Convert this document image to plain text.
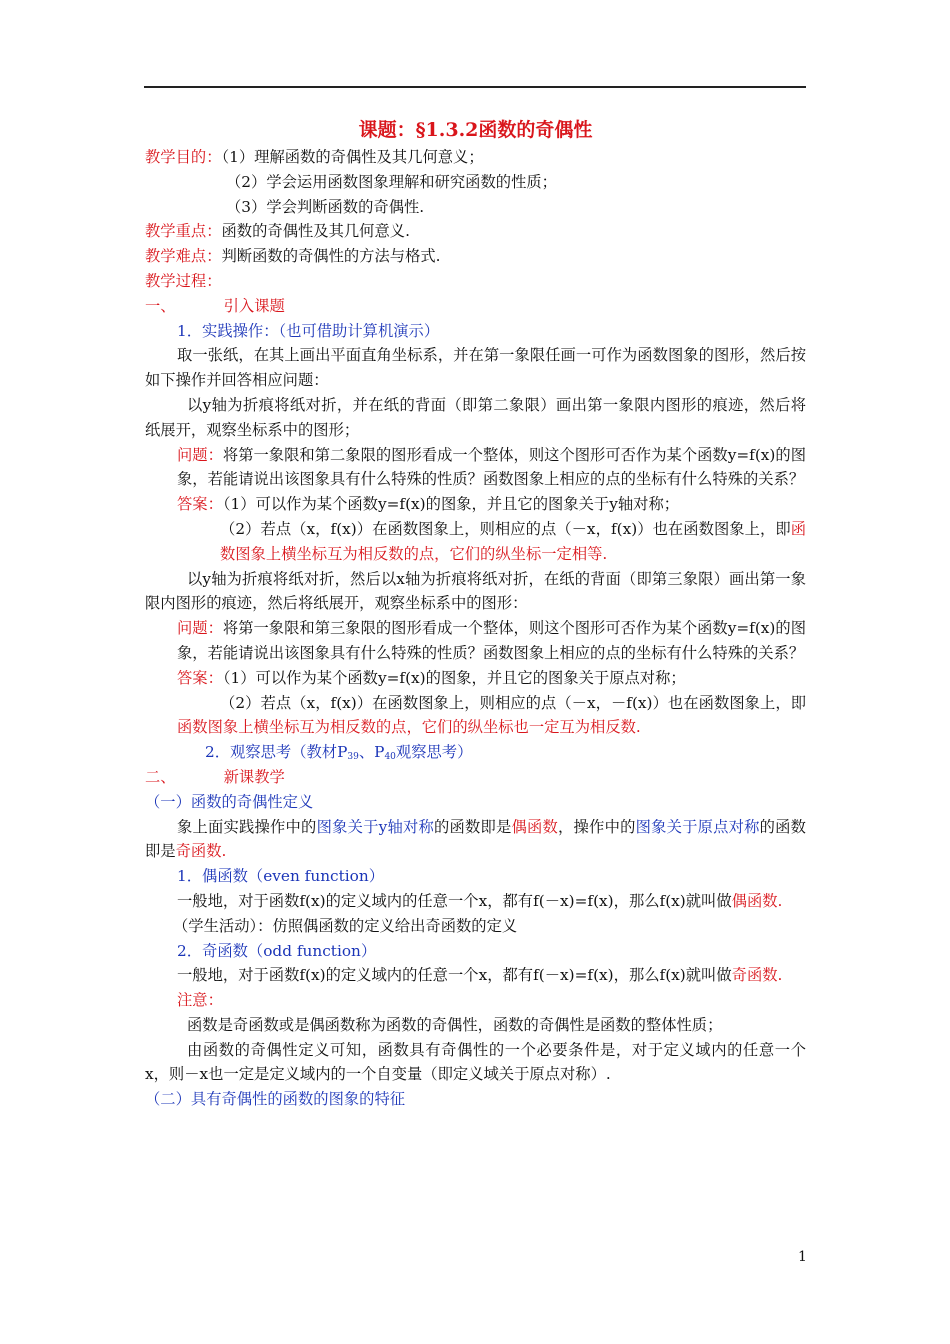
课题：§1.3.2函数的奇偶性

教学目的：（1）理解函数的奇偶性及其几何意义；

（2）学会运用函数图象理解和研究函数的性质；

（3）学会判断函数的奇偶性.

教学重点：函数的奇偶性及其几何意义.

教学难点：判断函数的奇偶性的方法与格式.

教学过程：

一、	引入课题

1．实践操作：（也可借助计算机演示）

取一张纸，在其上画出平面直角坐标系，并在第一象限任画一可作为函数图象的图形，然后按如下操作并回答相应问题：

以y轴为折痕将纸对折，并在纸的背面（即第二象限）画出第一象限内图形的痕迹，然后将纸展开，观察坐标系中的图形；

问题：将第一象限和第二象限的图形看成一个整体，则这个图形可否作为某个函数y=f(x)的图象，若能请说出该图象具有什么特殊的性质？函数图象上相应的点的坐标有什么特殊的关系？

答案：（1）可以作为某个函数y=f(x)的图象，并且它的图象关于y轴对称；

（2）若点（x，f(x)）在函数图象上，则相应的点（－x，f(x)）也在函数图象上，即函数图象上横坐标互为相反数的点，它们的纵坐标一定相等.

以y轴为折痕将纸对折，然后以x轴为折痕将纸对折，在纸的背面（即第三象限）画出第一象限内图形的痕迹，然后将纸展开，观察坐标系中的图形：

问题：将第一象限和第三象限的图形看成一个整体，则这个图形可否作为某个函数y=f(x)的图象，若能请说出该图象具有什么特殊的性质？函数图象上相应的点的坐标有什么特殊的关系？

答案：（1）可以作为某个函数y=f(x)的图象，并且它的图象关于原点对称；

（2）若点（x，f(x)）在函数图象上，则相应的点（－x，－f(x)）也在函数图象上，即函数图象上横坐标互为相反数的点，它们的纵坐标也一定互为相反数.

2．观察思考（教材$P_{39}$、$P_{40}$观察思考）

二、	新课教学

（一）函数的奇偶性定义

象上面实践操作中的图象关于y轴对称的函数即是偶函数，操作中的图象关于原点对称的函数即是奇函数.

1．偶函数（even function）

一般地，对于函数f(x)的定义域内的任意一个x，都有f(－x)=f(x)，那么f(x)就叫做偶函数.

（学生活动）：仿照偶函数的定义给出奇函数的定义

2．奇函数（odd function）

一般地，对于函数f(x)的定义域内的任意一个x，都有f(－x)=f(x)，那么f(x)就叫做奇函数.

注意：

函数是奇函数或是偶函数称为函数的奇偶性，函数的奇偶性是函数的整体性质；

由函数的奇偶性定义可知，函数具有奇偶性的一个必要条件是，对于定义域内的任意一个x，则－x也一定是定义域内的一个自变量（即定义域关于原点对称）.

（二）具有奇偶性的函数的图象的特征

1
